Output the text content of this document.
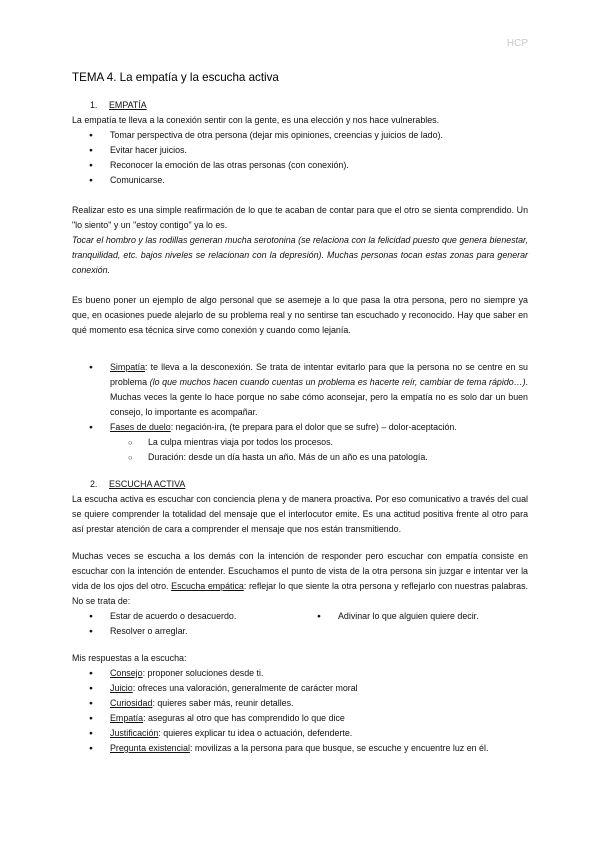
HCP
TEMA 4. La empatía y la escucha activa
1. EMPATÍA

La empatía te lleva a la conexión sentir con la gente, es una elección y nos hace vulnerables.

● Tomar perspectiva de otra persona (dejar mis opiniones, creencias y juicios de lado).
● Evitar hacer juicios.
● Reconocer la emoción de las otras personas (con conexión).
● Comunicarse.

Realizar esto es una simple reafirmación de lo que te acaban de contar para que el otro se sienta comprendido. Un "lo siento" y un "estoy contigo" ya lo es.

Tocar el hombro y las rodillas generan mucha serotonina (se relaciona con la felicidad puesto que genera bienestar, tranquilidad, etc. bajos niveles se relacionan con la depresión). Muchas personas tocan estas zonas para generar conexión.

Es bueno poner un ejemplo de algo personal que se asemeje a lo que pasa la otra persona, pero no siempre ya que, en ocasiones puede alejarlo de su problema real y no sentirse tan escuchado y reconocido. Hay que saber en qué momento esa técnica sirve como conexión y cuando como lejanía.

● Simpatía: te lleva a la desconexión. Se trata de intentar evitarlo para que la persona no se centre en su problema (lo que muchos hacen cuando cuentas un problema es hacerte reír, cambiar de tema rápido…). Muchas veces la gente lo hace porque no sabe cómo aconsejar, pero la empatía no es solo dar un buen consejo, lo importante es acompañar.
● Fases de duelo: negación-ira, (te prepara para el dolor que se sufre) – dolor-aceptación.
○ La culpa mientras viaja por todos los procesos.
○ Duración: desde un día hasta un año. Más de un año es una patología.
2. ESCUCHA ACTIVA

La escucha activa es escuchar con conciencia plena y de manera proactiva. Por eso comunicativo a través del cual se quiere comprender la totalidad del mensaje que el interlocutor emite. Es una actitud positiva frente al otro para así prestar atención de cara a comprender el mensaje que nos están transmitiendo.

Muchas veces se escucha a los demás con la intención de responder pero escuchar con empatía consiste en escuchar con la intención de entender. Escuchamos el punto de vista de la otra persona sin juzgar e intentar ver la vida de los ojos del otro. Escucha empática: reflejar lo que siente la otra persona y reflejarlo con nuestras palabras. No se trata de:

● Estar de acuerdo o desacuerdo.
● Resolver o arreglar.
● Adivinar lo que alguien quiere decir.

Mis respuestas a la escucha:

● Consejo: proponer soluciones desde ti.
● Juicio: ofreces una valoración, generalmente de carácter moral
● Curiosidad: quieres saber más, reunir detalles.
● Empatía: aseguras al otro que has comprendido lo que dice
● Justificación: quieres explicar tu idea o actuación, defenderte.
● Pregunta existencial: movilizas a la persona para que busque, se escuche y encuentre luz en él.
